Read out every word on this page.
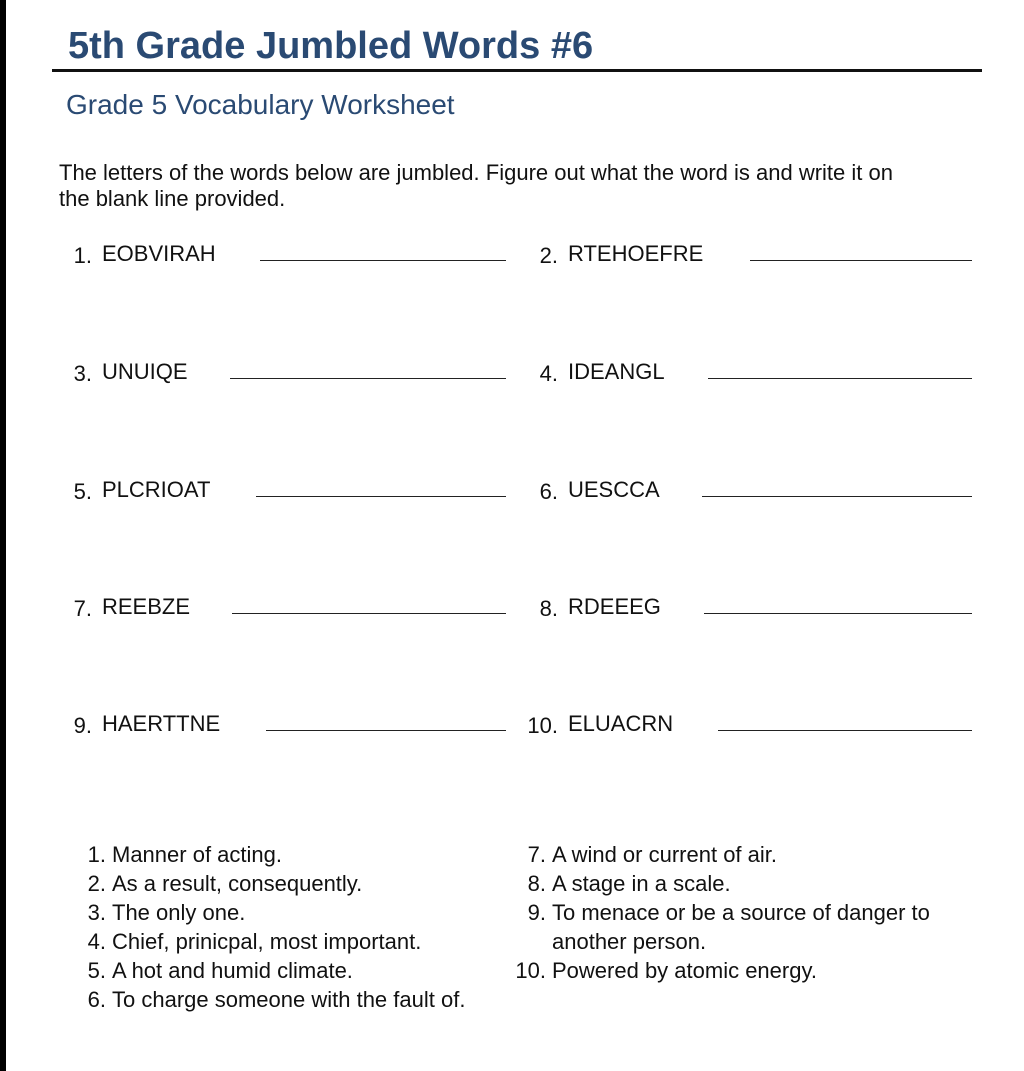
5th Grade Jumbled Words #6
Grade 5 Vocabulary Worksheet

The letters of the words below are jumbled. Figure out what the word is and write it on the blank line provided.

1. EOBVIRAH	2. RTEHOEFRE
3. UNUIQE	4. IDEANGL
5. PLCRIOAT	6. UESCCA
7. REEBZE	8. RDEEEG
9. HAERTTNE	10. ELUACRN
1. Manner of acting.
2. As a result, consequently.
3. The only one.
4. Chief, prinicpal, most important.
5. A hot and humid climate.
6. To charge someone with the fault of.
7. A wind or current of air.
8. A stage in a scale.
9. To menace or be a source of danger to another person.
10. Powered by atomic energy.
